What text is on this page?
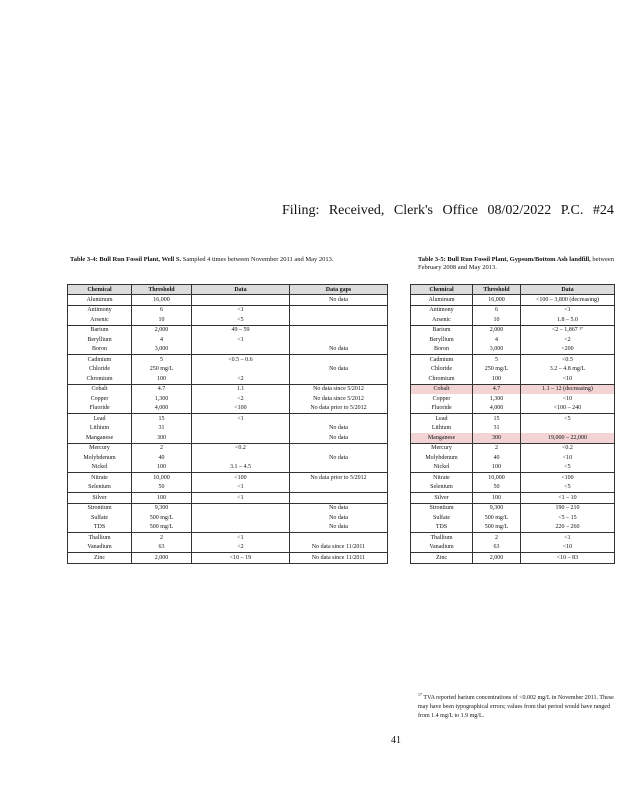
Filing: Received, Clerk's Office 08/02/2022 P.C. #24
Table 3-4: Bull Run Fossil Plant, Well S. Sampled 4 times between November 2011 and May 2013.
Chemical	Threshold	Data	Data gaps
Aluminum	16,000		No data
Antimony	6	<1	
Arsenic	10	<5	
Barium	2,000	49 – 59	
Beryllium	4	<1	
Boron	3,000		No data
Cadmium	5	<0.5 – 0.6	
Chloride	250 mg/L		No data
Chromium	100	<2	
Cobalt	4.7	1.1	No data since 5/2012
Copper	1,300	<2	No data since 5/2012
Fluoride	4,000	<100	No data prior to 5/2012
Lead	15	<1	
Lithium	31		No data
Manganese	300		No data
Mercury	2	<0.2	
Molybdenum	40		No data
Nickel	100	3.1 – 4.5	
Nitrate	10,000	<100	No data prior to 5/2012
Selenium	50	<1	
Silver	100	<1	
Strontium	9,300		No data
Sulfate	500 mg/L		No data
TDS	500 mg/L		No data
Thallium	2	<1	
Vanadium	63	<2	No data since 11/2011
Zinc	2,000	<10 – 19	No data since 11/2011
Table 3-5: Bull Run Fossil Plant, Gypsum/Bottom Ash landfill, between February 2008 and May 2013.
Chemical	Threshold	Data
Aluminum	16,000	<100 – 3,800 (decreasing)
Antimony	6	<1
Arsenic	10	1.8 – 5.0
Barium	2,000	<2 – 1,867 ¹⁷
Beryllium	4	<2
Boron	3,000	<200
Cadmium	5	<0.5
Chloride	250 mg/L	3.2 – 4.8 mg/L
Chromium	100	<10
Cobalt	4.7	1.1 – 12 (decreasing)
Copper	1,300	<10
Fluoride	4,000	<100 – 240
Lead	15	<5
Lithium	31	
Manganese	300	19,000 – 22,000
Mercury	2	<0.2
Molybdenum	40	<10
Nickel	100	<5
Nitrate	10,000	<100
Selenium	50	<5
Silver	100	<1 – 10
Strontium	9,300	190 – 210
Sulfate	500 mg/L	<5 – 15
TDS	500 mg/L	220 – 260
Thallium	2	<1
Vanadium	63	<10
Zinc	2,000	<10 – 83
$^{17}$ TVA reported barium concentrations of <0.002 mg/L in November 2011. These may have been typographical errors; values from that period would have ranged from 1.4 mg/L to 1.9 mg/L.
41
